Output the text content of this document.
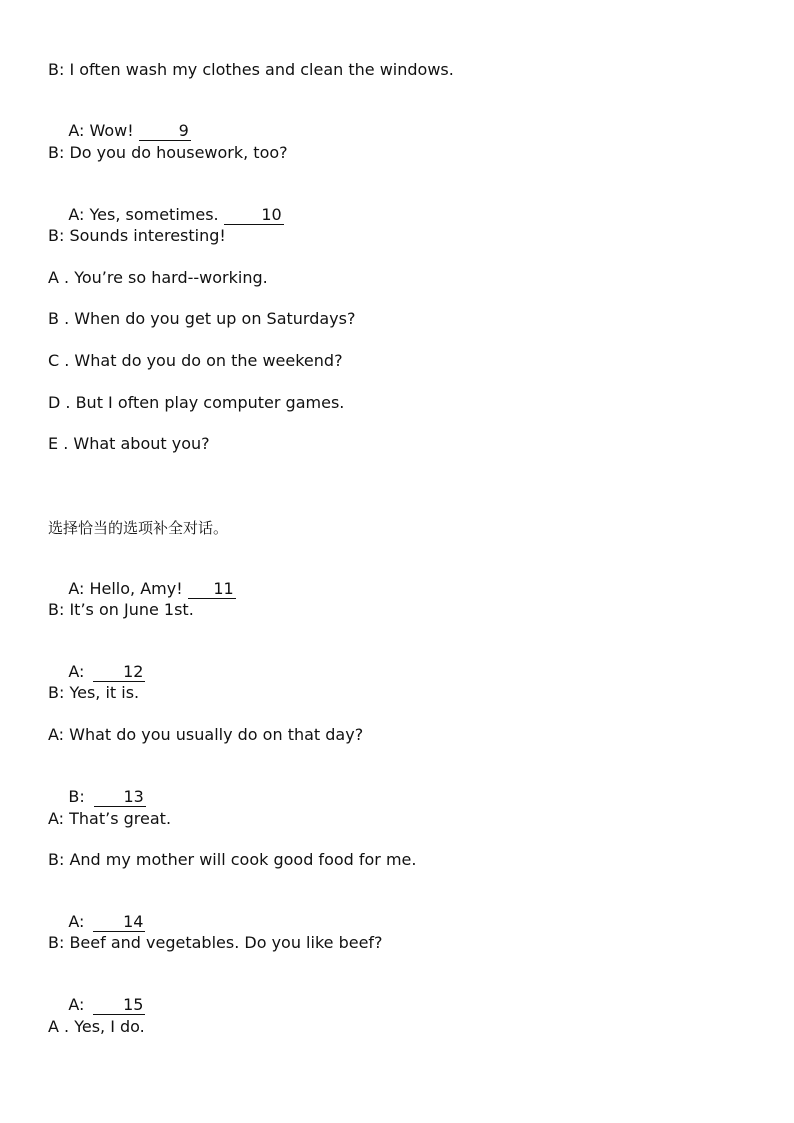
B: I often wash my clothes and clean the windows.

A: Wow! 9

B: Do you do housework, too?

A: Yes, sometimes. 10

B: Sounds interesting!
A . You’re so hard--working.
B . When do you get up on Saturdays?
C . What do you do on the weekend?
D . But I often play computer games.
E . What about you?
选择恰当的选项补全对话。

A: Hello, Amy! 11

B: It’s on June 1st.

A: 12

B: Yes, it is.
A: What do you usually do on that day?

B: 13

A: That’s great.
B: And my mother will cook good food for me.

A: 14

B: Beef and vegetables. Do you like beef?

A: 15

A . Yes, I do.
